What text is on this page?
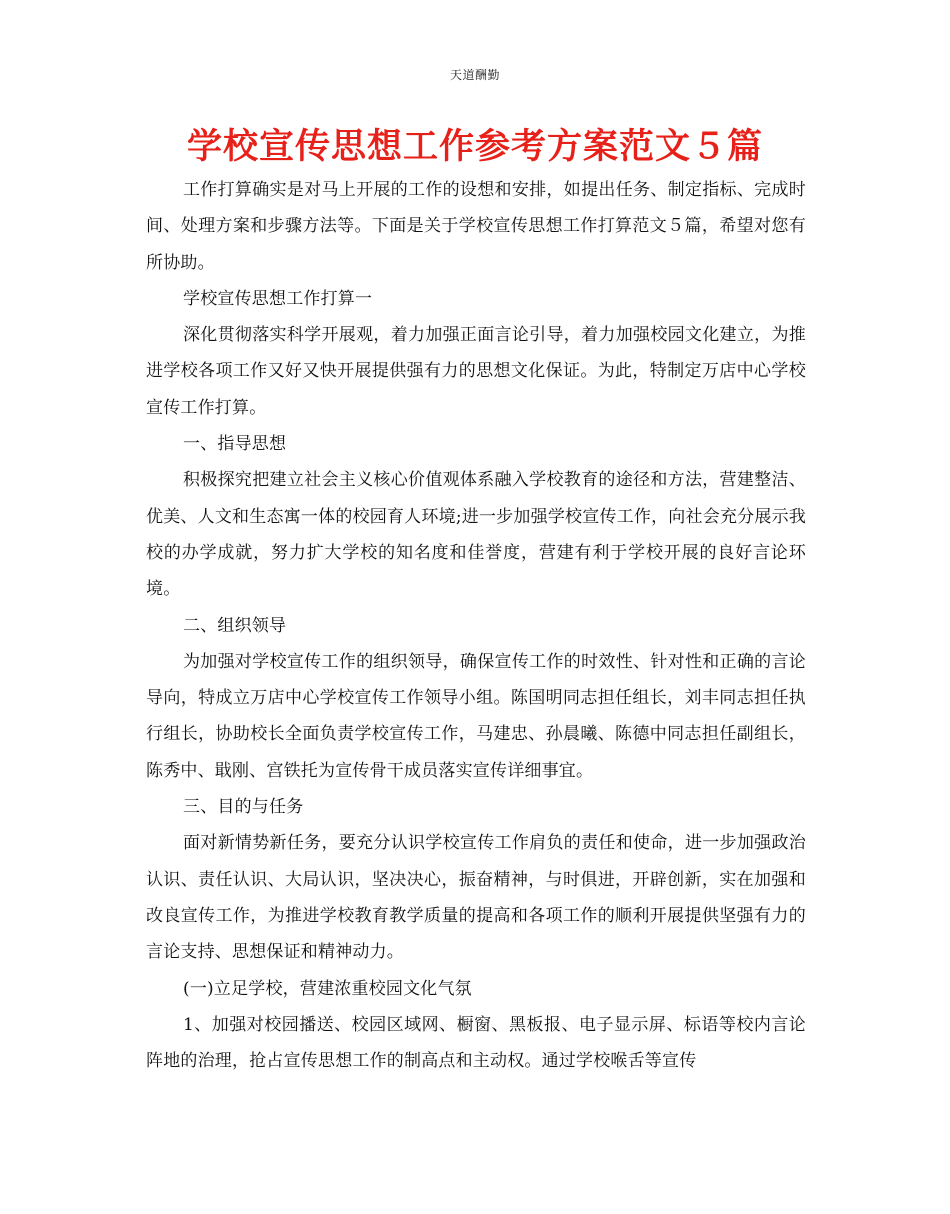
天道酬勤
学校宣传思想工作参考方案范文５篇

工作打算确实是对马上开展的工作的设想和安排，如提出任务、制定指标、完成时间、处理方案和步骤方法等。下面是关于学校宣传思想工作打算范文５篇，希望对您有所协助。

学校宣传思想工作打算一

深化贯彻落实科学开展观，着力加强正面言论引导，着力加强校园文化建立，为推进学校各项工作又好又快开展提供强有力的思想文化保证。为此，特制定万店中心学校宣传工作打算。

一、指导思想

积极探究把建立社会主义核心价值观体系融入学校教育的途径和方法，营建整洁、优美、人文和生态寓一体的校园育人环境;进一步加强学校宣传工作，向社会充分展示我校的办学成就，努力扩大学校的知名度和佳誉度，营建有利于学校开展的良好言论环境。

二、组织领导

为加强对学校宣传工作的组织领导，确保宣传工作的时效性、针对性和正确的言论导向，特成立万店中心学校宣传工作领导小组。陈国明同志担任组长，刘丰同志担任执行组长，协助校长全面负责学校宣传工作，马建忠、孙晨曦、陈德中同志担任副组长，陈秀中、戢刚、宫铁托为宣传骨干成员落实宣传详细事宜。

三、目的与任务

面对新情势新任务，要充分认识学校宣传工作肩负的责任和使命，进一步加强政治认识、责任认识、大局认识，坚决决心，振奋精神，与时俱进，开辟创新，实在加强和改良宣传工作，为推进学校教育教学质量的提高和各项工作的顺利开展提供坚强有力的言论支持、思想保证和精神动力。

(一)立足学校，营建浓重校园文化气氛

1、加强对校园播送、校园区域网、橱窗、黑板报、电子显示屏、标语等校内言论阵地的治理，抢占宣传思想工作的制高点和主动权。通过学校喉舌等宣传
